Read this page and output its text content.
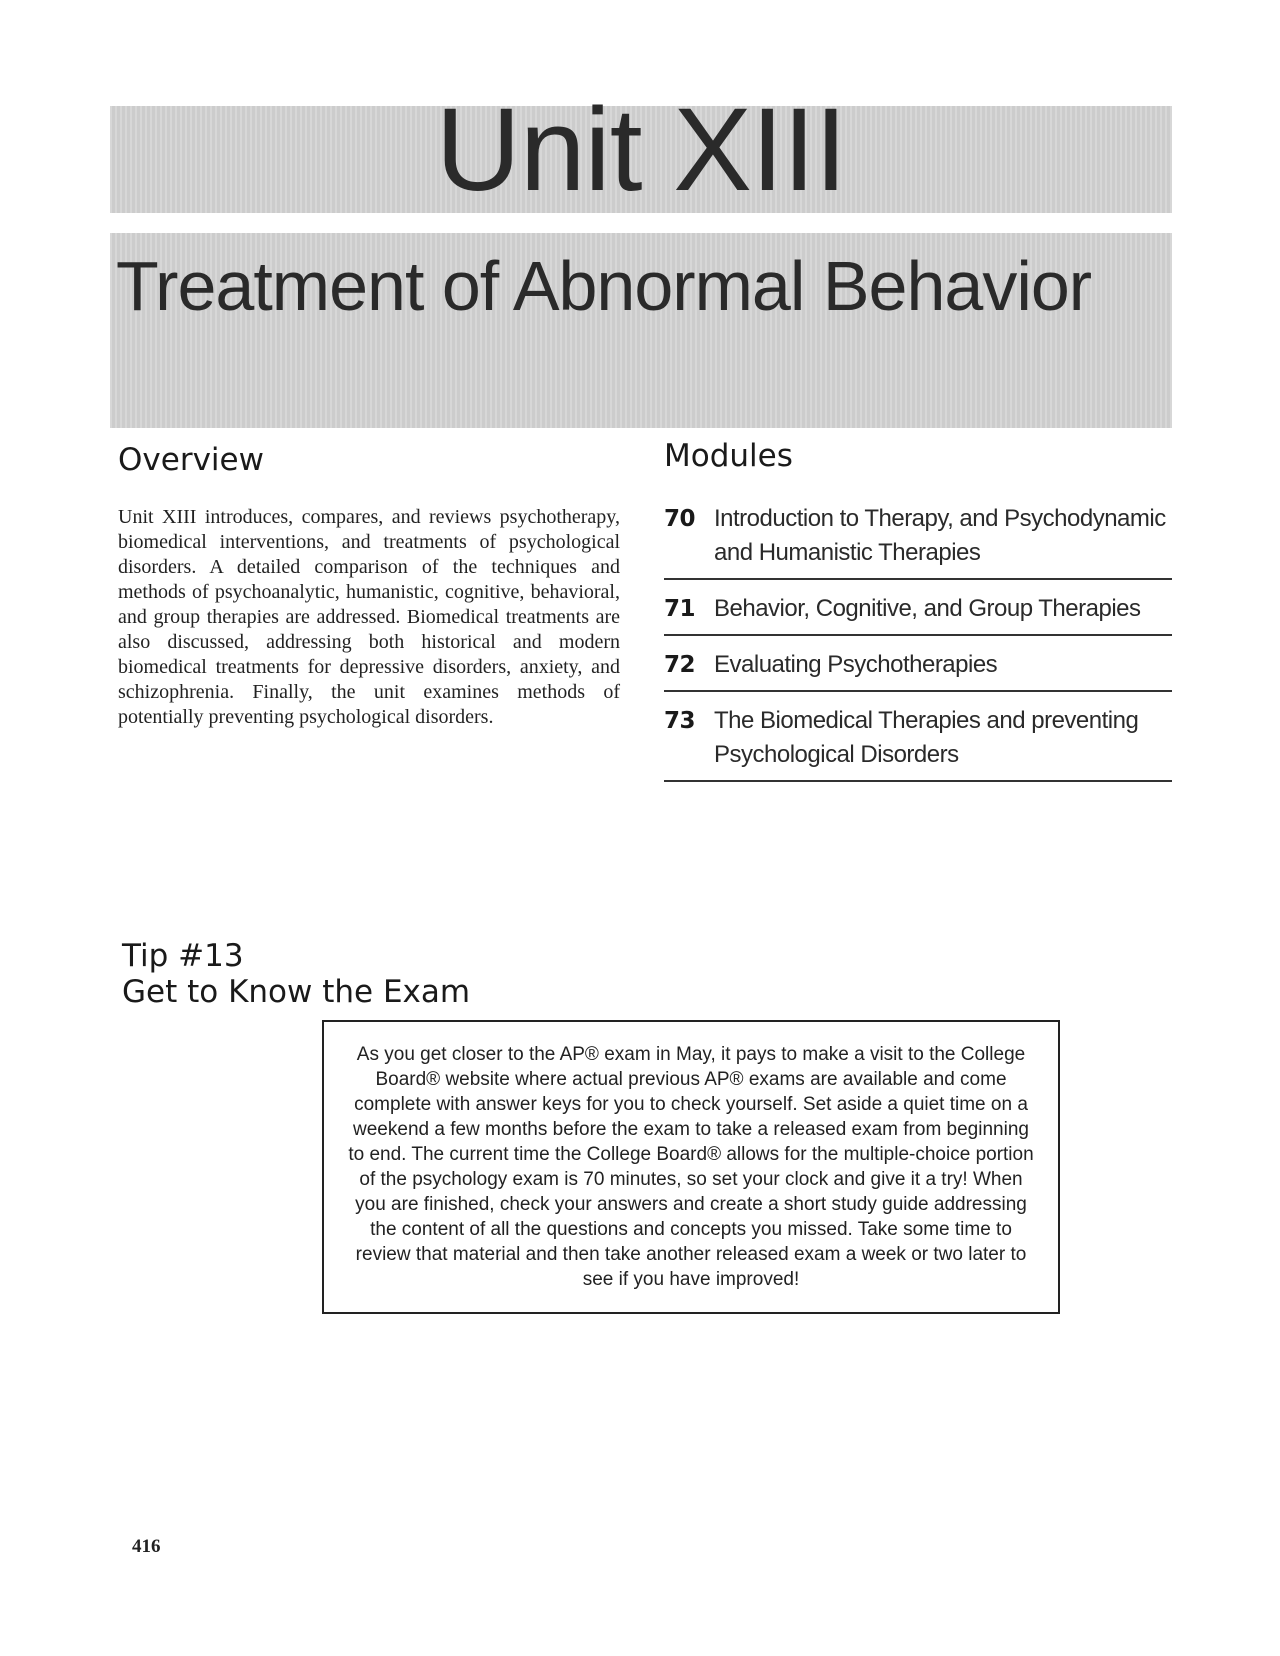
Unit XIII
Treatment of Abnormal Behavior
Overview

Unit XIII introduces, compares, and reviews psychotherapy, biomedical interventions, and treatments of psychological disorders. A detailed comparison of the techniques and methods of psychoanalytic, humanistic, cognitive, behavioral, and group therapies are addressed. Biomedical treatments are also discussed, addressing both historical and modern biomedical treatments for depressive disorders, anxiety, and schizophrenia. Finally, the unit examines methods of potentially preventing psychological disorders.

Modules
70 Introduction to Therapy, and Psychodynamic and Humanistic Therapies
71 Behavior, Cognitive, and Group Therapies
72 Evaluating Psychotherapies
73 The Biomedical Therapies and preventing Psychological Disorders
Tip #13
Get to Know the Exam

As you get closer to the AP® exam in May, it pays to make a visit to the College Board® website where actual previous AP® exams are available and come complete with answer keys for you to check yourself. Set aside a quiet time on a weekend a few months before the exam to take a released exam from beginning to end. The current time the College Board® allows for the multiple-choice portion of the psychology exam is 70 minutes, so set your clock and give it a try! When you are finished, check your answers and create a short study guide addressing the content of all the questions and concepts you missed. Take some time to review that material and then take another released exam a week or two later to see if you have improved!

416
